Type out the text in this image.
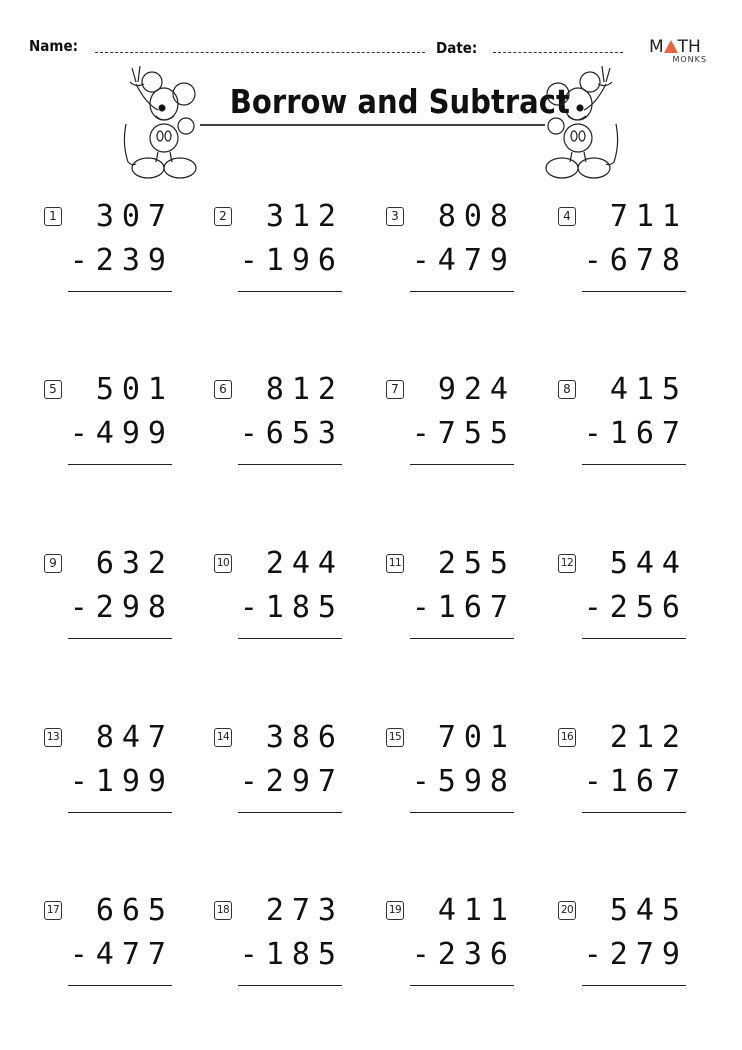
Name:	Date:	M TH
MONKS
Borrow and Subtract
1 307
-239
2 312
-196
3 808
-479
4 711
-678
5 501
-499
6 812
-653
7 924
-755
8 415
-167
9 632
-298
10 244
-185
11 255
-167
12 544
-256
13 847
-199
14 386
-297
15 701
-598
16 212
-167
17 665
-477
18 273
-185
19 411
-236
20 545
-279
